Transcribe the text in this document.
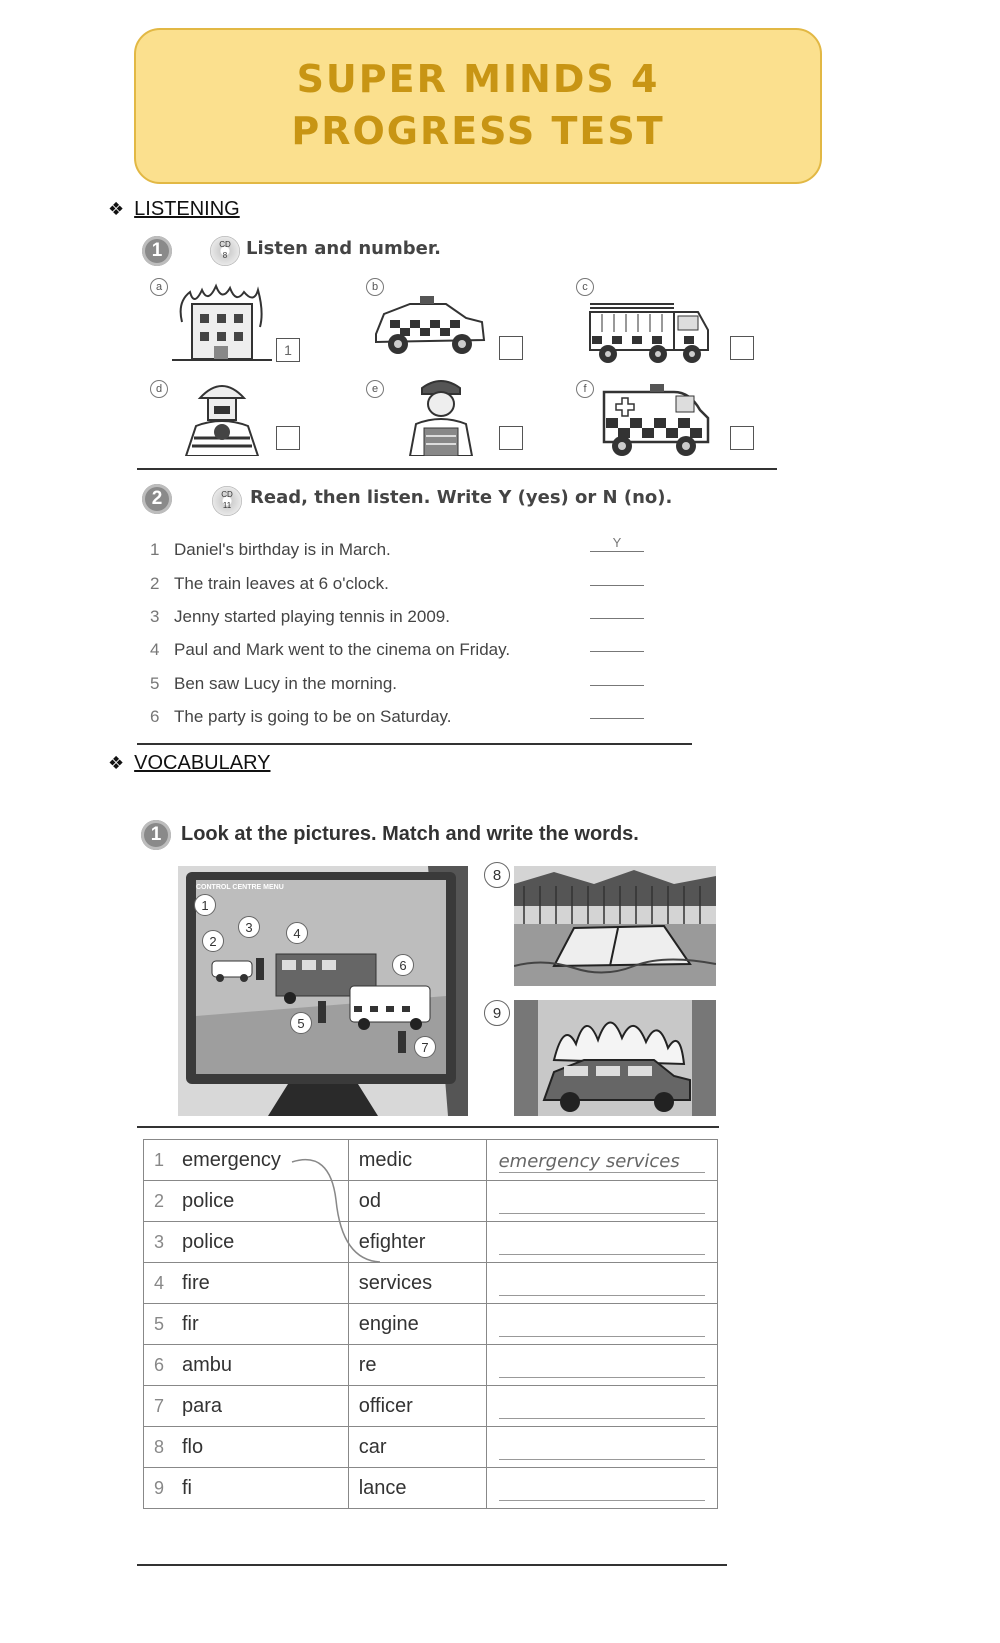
SUPER MINDS 4
PROGRESS TEST
❖ LISTENING
1	CD
8	Listen and number.
a
1
b	c
d	e	f
2	CD
11	Read, then listen. Write Y (yes) or N (no).
1 Daniel's birthday is in March.	Y
2 The train leaves at 6 o'clock.
3 Jenny started playing tennis in 2009.
4 Paul and Mark went to the cinema on Friday.
5 Ben saw Lucy in the morning.
6 The party is going to be on Saturday.
❖ VOCABULARY
1 Look at the pictures. Match and write the words.
CONTROL CENTRE MENU
1
2
3	4
5
6
7
8
9
1 emergency	medic	emergency services

2 police	od	

3 police	efighter	

4 fire	services	

5 fir	engine	

6 ambu	re	

7 para	officer	

8 flo	car	

9 fi	lance	
